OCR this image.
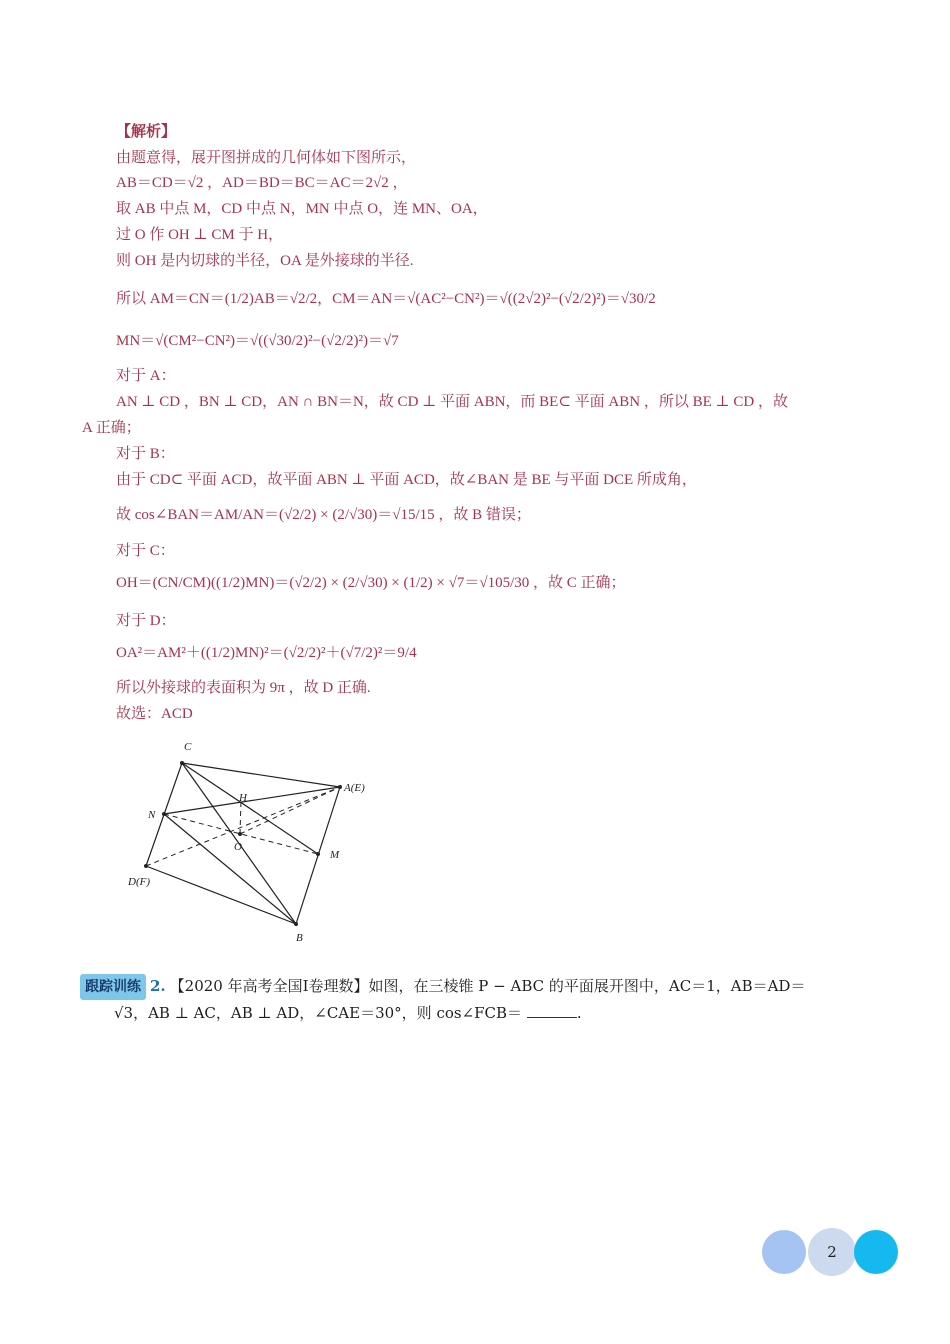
【解析】
由题意得，展开图拼成的几何体如下图所示，
AB＝CD＝√2 ，AD＝BD＝BC＝AC＝2√2 ，
取 AB 中点 M，CD 中点 N，MN 中点 O，连 MN、OA，
过 O 作 OH ⊥ CM 于 H，
则 OH 是内切球的半径，OA 是外接球的半径.
所以 AM＝CN＝(1/2)AB＝√2/2，CM＝AN＝√(AC²−CN²)＝√((2√2)²−(√2/2)²)＝√30/2
MN＝√(CM²−CN²)＝√((√30/2)²−(√2/2)²)＝√7
对于 A：
AN ⊥ CD ，BN ⊥ CD，AN ∩ BN＝N，故 CD ⊥ 平面 ABN，而 BE⊂ 平面 ABN ，所以 BE ⊥ CD ，故
A 正确；
对于 B：
由于 CD⊂ 平面 ACD，故平面 ABN ⊥ 平面 ACD，故∠BAN 是 BE 与平面 DCE 所成角，
故 cos∠BAN＝AM/AN＝(√2/2) × (2/√30)＝√15/15 ，故 B 错误；
对于 C：
OH＝(CN/CM)((1/2)MN)＝(√2/2) × (2/√30) × (1/2) × √7＝√105/30 ，故 C 正确；
对于 D：
OA²＝AM²＋((1/2)MN)²＝(√2/2)²＋(√7/2)²＝9/4
所以外接球的表面积为 9π ，故 D 正确.
故选：ACD
C
A(E)
H
N
O
M
D(F)
B
跟踪训练 2. 【2020 年高考全国Ⅰ卷理数】如图，在三棱锥 P − ABC 的平面展开图中，AC＝1，AB＝AD＝
√3，AB ⊥ AC，AB ⊥ AD，∠CAE＝30°，则 cos∠FCB＝	.
2
